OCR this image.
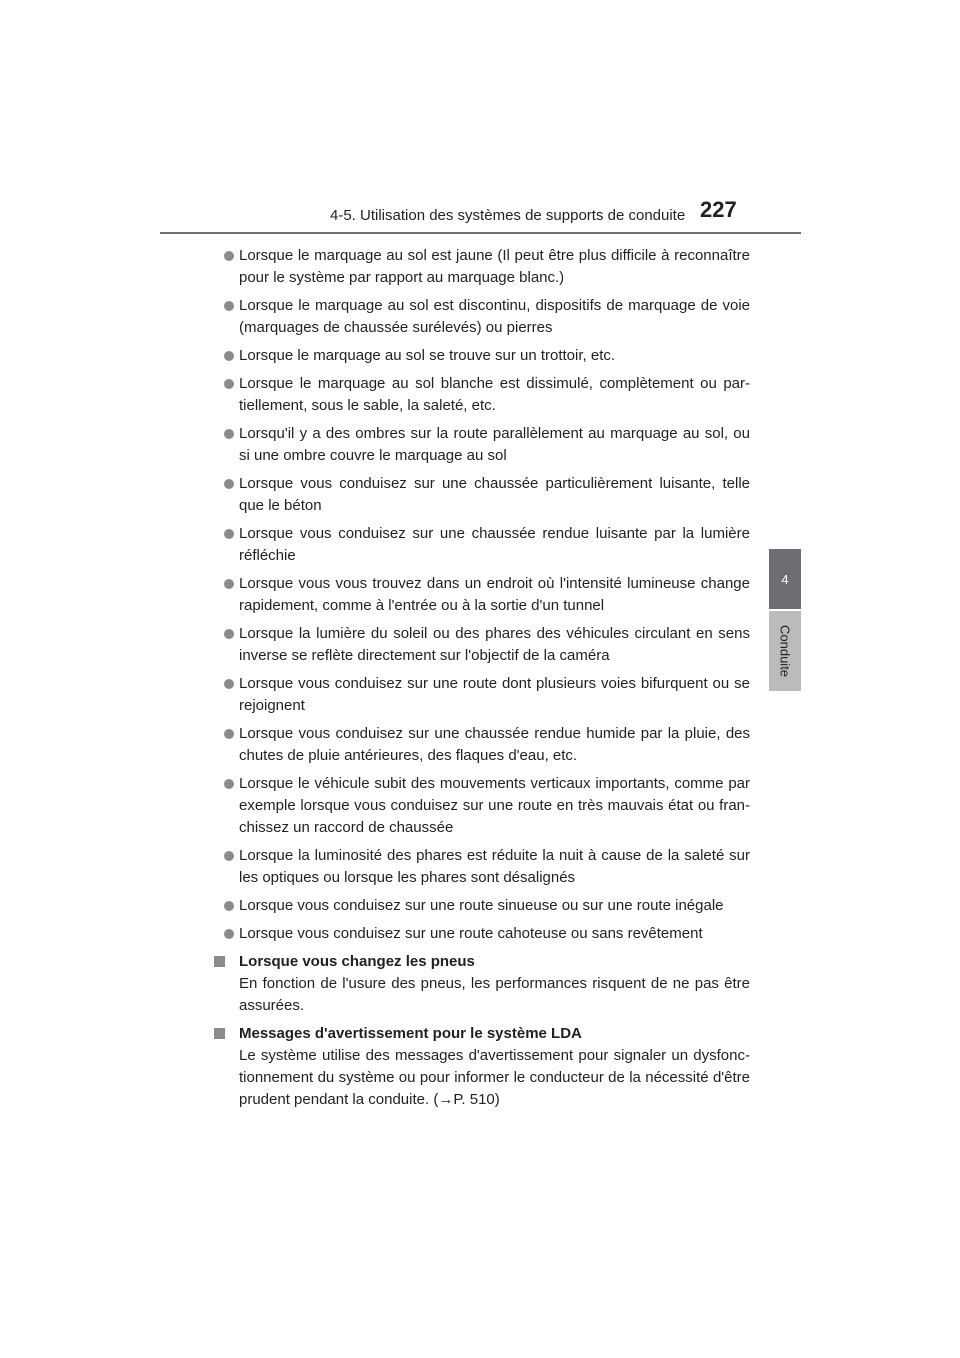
4-5. Utilisation des systèmes de supports de conduite 227
4
Conduite
Lorsque le marquage au sol est jaune (Il peut être plus difficile à reconnaître pour le système par rapport au marquage blanc.)
Lorsque le marquage au sol est discontinu, dispositifs de marquage de voie (marquages de chaussée surélevés) ou pierres
Lorsque le marquage au sol se trouve sur un trottoir, etc.
Lorsque le marquage au sol blanche est dissimulé, complètement ou par-tiellement, sous le sable, la saleté, etc.
Lorsqu'il y a des ombres sur la route parallèlement au marquage au sol, ou si une ombre couvre le marquage au sol
Lorsque vous conduisez sur une chaussée particulièrement luisante, telle que le béton
Lorsque vous conduisez sur une chaussée rendue luisante par la lumière réfléchie
Lorsque vous vous trouvez dans un endroit où l'intensité lumineuse change rapidement, comme à l'entrée ou à la sortie d'un tunnel
Lorsque la lumière du soleil ou des phares des véhicules circulant en sens inverse se reflète directement sur l'objectif de la caméra
Lorsque vous conduisez sur une route dont plusieurs voies bifurquent ou se rejoignent
Lorsque vous conduisez sur une chaussée rendue humide par la pluie, des chutes de pluie antérieures, des flaques d'eau, etc.
Lorsque le véhicule subit des mouvements verticaux importants, comme par exemple lorsque vous conduisez sur une route en très mauvais état ou fran-chissez un raccord de chaussée
Lorsque la luminosité des phares est réduite la nuit à cause de la saleté sur les optiques ou lorsque les phares sont désalignés
Lorsque vous conduisez sur une route sinueuse ou sur une route inégale
Lorsque vous conduisez sur une route cahoteuse ou sans revêtement
Lorsque vous changez les pneus
En fonction de l'usure des pneus, les performances risquent de ne pas être assurées.
Messages d'avertissement pour le système LDA
Le système utilise des messages d'avertissement pour signaler un dysfonc-tionnement du système ou pour informer le conducteur de la nécessité d'être prudent pendant la conduite. (→P. 510)
